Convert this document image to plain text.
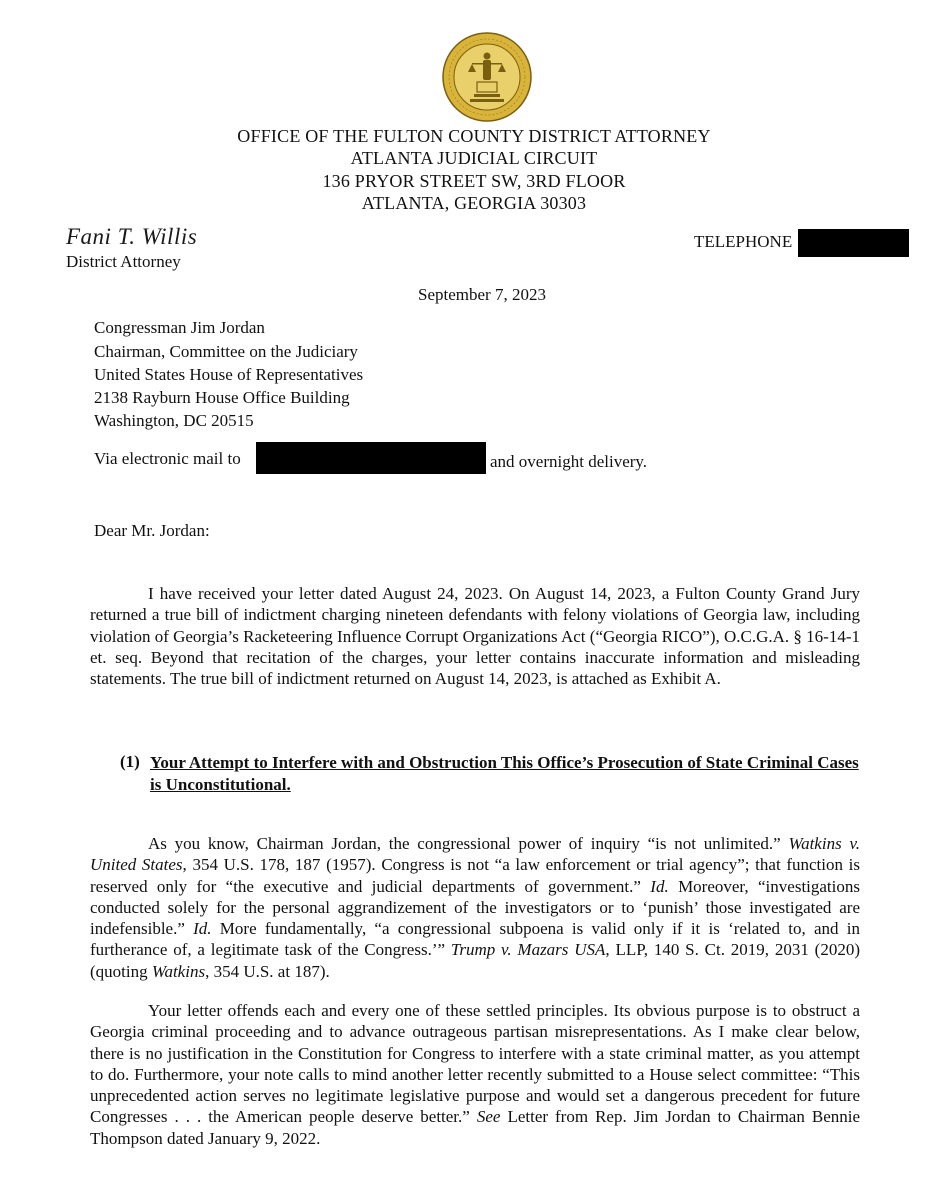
OFFICE OF THE FULTON COUNTY DISTRICT ATTORNEY
ATLANTA JUDICIAL CIRCUIT
136 PRYOR STREET SW, 3RD FLOOR
ATLANTA, GEORGIA 30303
Fani T. Willis
District Attorney
TELEPHONE
September 7, 2023
Congressman Jim Jordan
Chairman, Committee on the Judiciary
United States House of Representatives
2138 Rayburn House Office Building
Washington, DC 20515
Via electronic mail to	and overnight delivery.
Dear Mr. Jordan:

I have received your letter dated August 24, 2023. On August 14, 2023, a Fulton County Grand Jury returned a true bill of indictment charging nineteen defendants with felony violations of Georgia law, including violation of Georgia’s Racketeering Influence Corrupt Organizations Act (“Georgia RICO”), O.C.G.A. § 16-14-1 et. seq. Beyond that recitation of the charges, your letter contains inaccurate information and misleading statements. The true bill of indictment returned on August 14, 2023, is attached as Exhibit A.

(1) Your Attempt to Interfere with and Obstruction This Office’s Prosecution of State Criminal Cases is Unconstitutional.

As you know, Chairman Jordan, the congressional power of inquiry “is not unlimited.” Watkins v. United States, 354 U.S. 178, 187 (1957). Congress is not “a law enforcement or trial agency”; that function is reserved only for “the executive and judicial departments of government.” Id. Moreover, “investigations conducted solely for the personal aggrandizement of the investigators or to ‘punish’ those investigated are indefensible.” Id. More fundamentally, “a congressional subpoena is valid only if it is ‘related to, and in furtherance of, a legitimate task of the Congress.’” Trump v. Mazars USA, LLP, 140 S. Ct. 2019, 2031 (2020) (quoting Watkins, 354 U.S. at 187).

Your letter offends each and every one of these settled principles. Its obvious purpose is to obstruct a Georgia criminal proceeding and to advance outrageous partisan misrepresentations. As I make clear below, there is no justification in the Constitution for Congress to interfere with a state criminal matter, as you attempt to do. Furthermore, your note calls to mind another letter recently submitted to a House select committee: “This unprecedented action serves no legitimate legislative purpose and would set a dangerous precedent for future Congresses . . . the American people deserve better.” See Letter from Rep. Jim Jordan to Chairman Bennie Thompson dated January 9, 2022.
